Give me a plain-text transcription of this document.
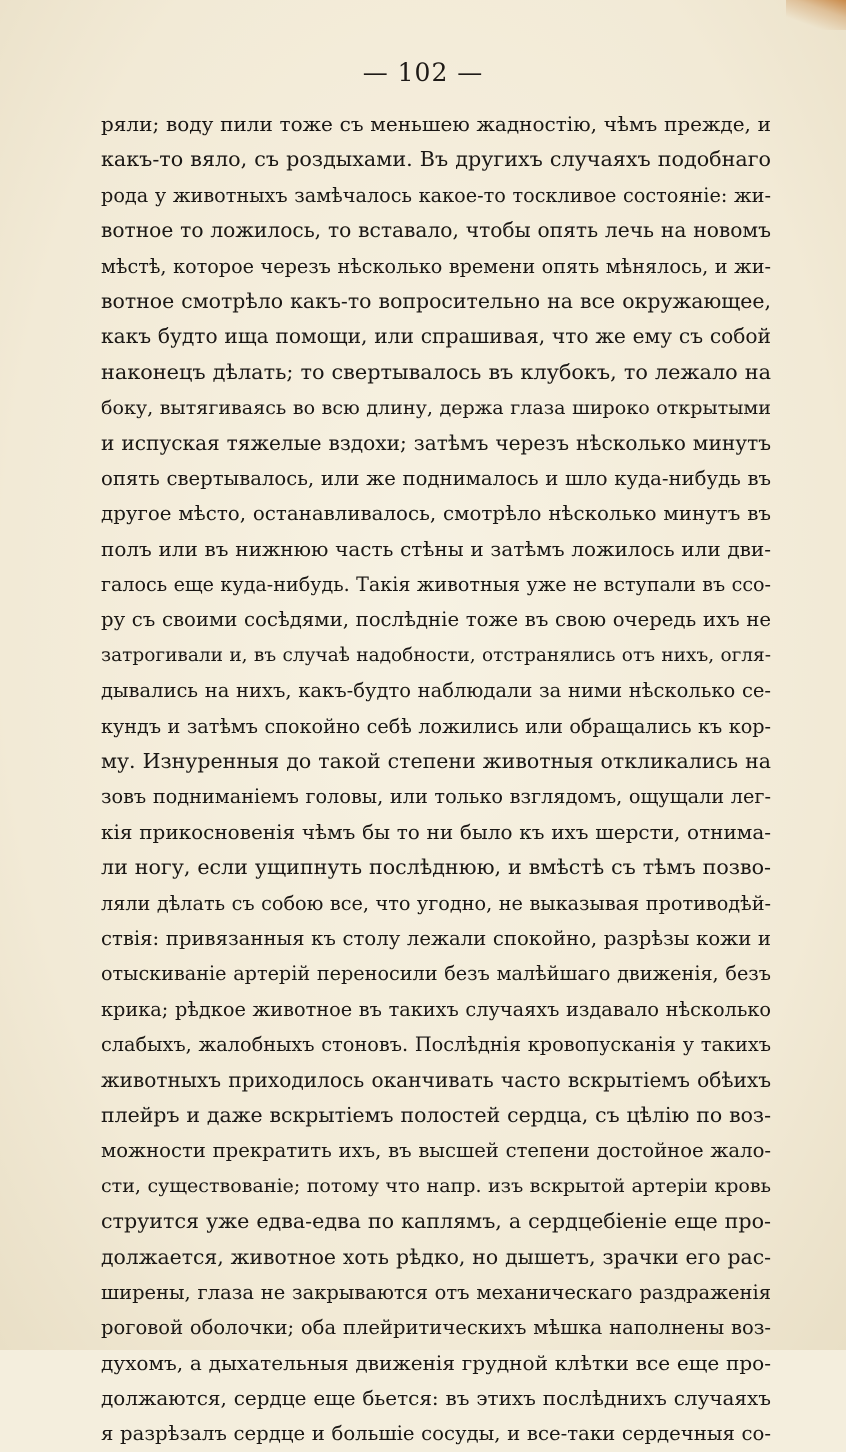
— 102 —
ряли; воду пили тоже съ меньшею жадностію, чѣмъ прежде, и
какъ-то вяло, съ роздыхами. Въ другихъ случаяхъ подобнаго
рода у животныхъ замѣчалось какое-то тоскливое состояніе: жи-
вотное то ложилось, то вставало, чтобы опять лечь на новомъ
мѣстѣ, которое черезъ нѣсколько времени опять мѣнялось, и жи-
вотное смотрѣло какъ-то вопросительно на все окружающее,
какъ будто ища помощи, или спрашивая, что же ему съ собой
наконецъ дѣлать; то свертывалось въ клубокъ, то лежало на
боку, вытягиваясь во всю длину, держа глаза широко открытыми
и испуская тяжелые вздохи; затѣмъ черезъ нѣсколько минутъ
опять свертывалось, или же поднималось и шло куда-нибудь въ
другое мѣсто, останавливалось, смотрѣло нѣсколько минутъ въ
полъ или въ нижнюю часть стѣны и затѣмъ ложилось или дви-
галось еще куда-нибудь. Такія животныя уже не вступали въ ссо-
ру съ своими сосѣдями, послѣдніе тоже въ свою очередь ихъ не
затрогивали и, въ случаѣ надобности, отстранялись отъ нихъ, огля-
дывались на нихъ, какъ-будто наблюдали за ними нѣсколько се-
кундъ и затѣмъ спокойно себѣ ложились или обращались къ кор-
му. Изнуренныя до такой степени животныя откликались на
зовъ подниманіемъ головы, или только взглядомъ, ощущали лег-
кія прикосновенія чѣмъ бы то ни было къ ихъ шерсти, отнима-
ли ногу, если ущипнуть послѣднюю, и вмѣстѣ съ тѣмъ позво-
ляли дѣлать съ собою все, что угодно, не выказывая противодѣй-
ствія: привязанныя къ столу лежали спокойно, разрѣзы кожи и
отыскиваніе артерій переносили безъ малѣйшаго движенія, безъ
крика; рѣдкое животное въ такихъ случаяхъ издавало нѣсколько
слабыхъ, жалобныхъ стоновъ. Послѣднія кровопусканія у такихъ
животныхъ приходилось оканчивать часто вскрытіемъ обѣихъ
плейръ и даже вскрытіемъ полостей сердца, съ цѣлію по воз-
можности прекратить ихъ, въ высшей степени достойное жало-
сти, существованіе; потому что напр. изъ вскрытой артеріи кровь
струится уже едва-едва по каплямъ, а сердцебіеніе еще про-
должается, животное хоть рѣдко, но дышетъ, зрачки его рас-
ширены, глаза не закрываются отъ механическаго раздраженія
роговой оболочки; оба плейритическихъ мѣшка наполнены воз-
духомъ, а дыхательныя движенія грудной клѣтки все еще про-
должаются, сердце еще бьется: въ этихъ послѣднихъ случаяхъ
я разрѣзалъ сердце и большіе сосуды, и все-таки сердечныя со-
